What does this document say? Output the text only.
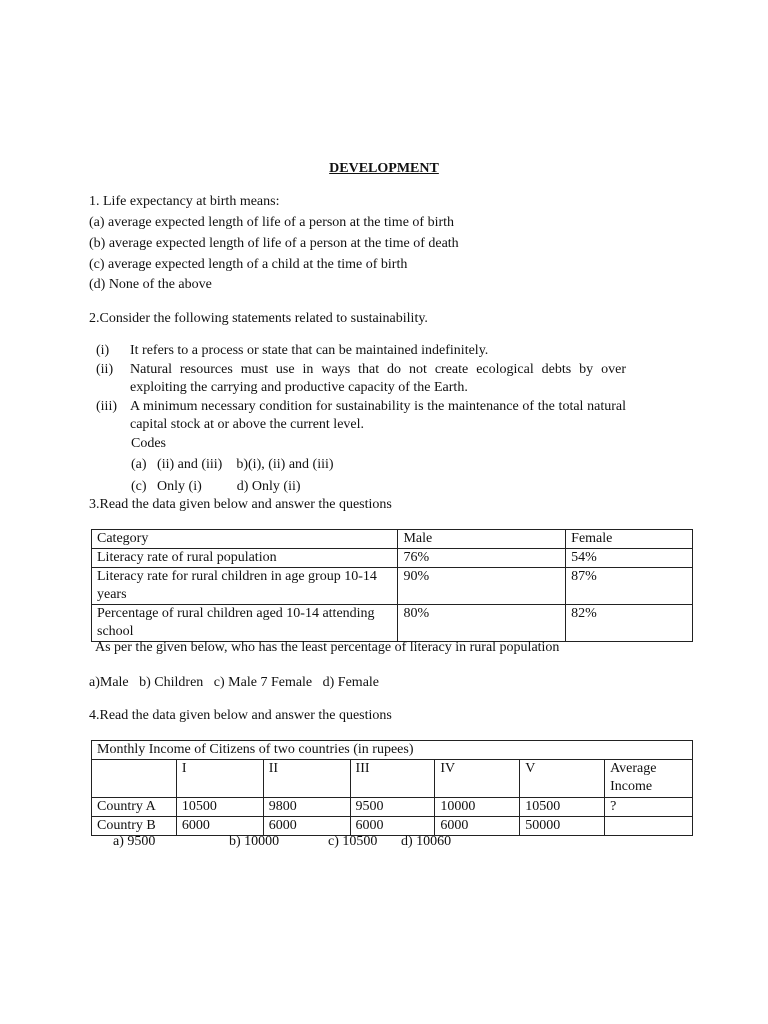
DEVELOPMENT
1. Life expectancy at birth means:
(a) average expected length of life of a person at the time of birth
(b) average expected length of life of a person at the time of death
(c) average expected length of a child at the time of birth
(d) None of the above
2.Consider the following statements related to sustainability.
(i)	It refers to a process or state that can be maintained indefinitely.
(ii)	Natural resources must use in ways that do not create ecological debts by over exploiting the carrying and productive capacity of the Earth.
(iii) A minimum necessary condition for sustainability is the maintenance of the total natural capital stock at or above the current level.
Codes
(a)   (ii) and (iii)    b)(i), (ii) and (iii)
(c)   Only (i)          d) Only (ii)
3.Read the data given below and answer the questions
Category	Male	Female
Literacy rate of rural population	76%	54%
Literacy rate for rural children in age group 10-14 years	90%	87%
Percentage of rural children aged 10-14 attending school	80%	82%
As per the given below, who has the least percentage of literacy in rural population
a)Male   b) Children   c) Male 7 Female   d) Female
4.Read the data given below and answer the questions
Monthly Income of Citizens of two countries (in rupees)						
	I	II	III	IV	V	Average Income
Country A	10500	9800	9500	10000	10500	?
Country B	6000	6000	6000	6000	50000	
a) 9500	b) 10000	c) 10500 d) 10060
